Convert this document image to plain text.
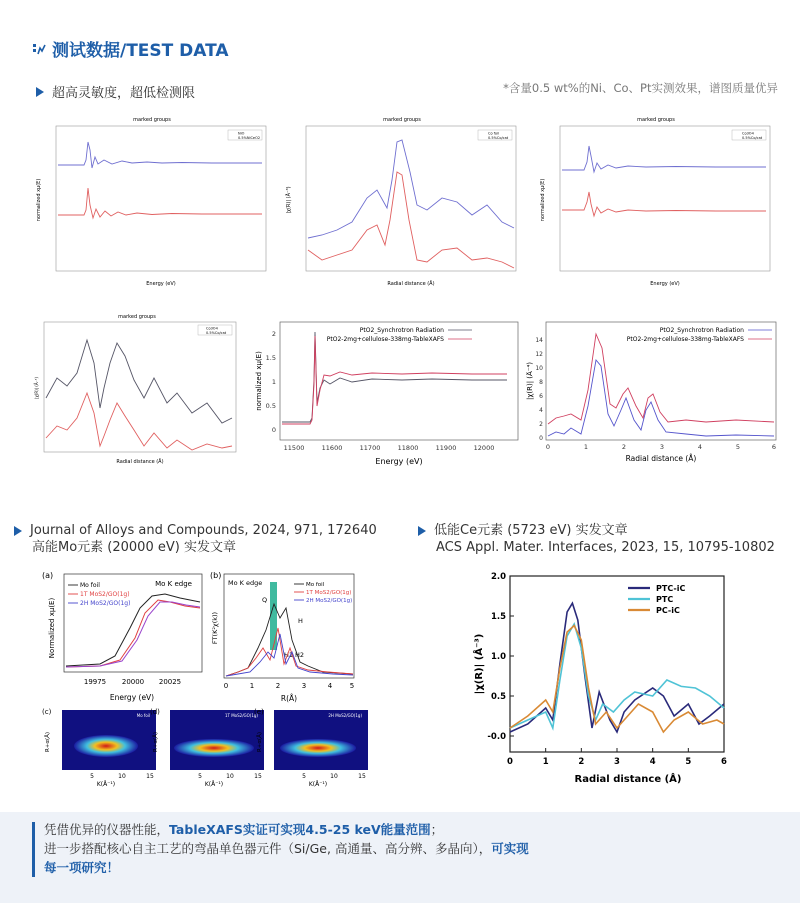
测试数据/TEST DATA
超高灵敏度，超低检测限	*含量0.5 wt%的Ni、Co、Pt实测效果，谱图质量优异
marked groups
NiO
0.5%NiCeO2
Energy (eV)
normalized xμ(E)
marked groups
Co foil
0.5%Co/cat
Radial distance (Å)
|χ(R)| (Å⁻³)
marked groups
Co3O4
0.5%Co/cat
Energy (eV)
normalized xμ(E)
marked groups
Co3O4
0.5%Co/cat
Radial distance (Å)
|χ(R)| (Å⁻³)
PtO2_Synchrotron Radiation
PtO2-2mg+cellulose-338mg-TableXAFS
11500	11600	11700	11800	11900	12000
0
0.5
1
1.5
2
Energy (eV)
normalized xμ(E)
PtO2_Synchrotron Radiation
PtO2-2mg+cellulose-338mg-TableXAFS
0	1	2	3	4	5	6
0
2
4
6
8
10
12
14
Radial distance (Å)
|χ(R)| (Å⁻⁴)
Journal of Alloys and Compounds, 2024, 971, 172640
高能Mo元素 (20000 eV) 实发文章
低能Ce元素 (5723 eV) 实发文章
ACS Appl. Mater. Interfaces, 2023, 15, 10795-10802
(a)
Mo K edge
Mo foil
1T MoS2/GO(1g)
2H MoS2/GO(1g)
19975 20000 20025
Energy (eV)
Normalized xμ(E)
(b)
Mo K edge	Mo foil
1T MoS2/GO(1g)
2H MoS2/GO(1g)
Q
H
H1 H2
0	1	2	3	4	5
R(Å)
FT(K²χ(k))
(c)	Mo foil
5	10	15
K(Å⁻¹)
R+α(Å)
(d)	1T MoS2/GO(1g)
5	10	15
K(Å⁻¹)
R+α(Å)
(e)	2H MoS2/GO(1g)
5	10	15
K(Å⁻¹)
R+α(Å)
Radial distance (Å)
|χ(R)| (Å⁻³)
0	1	2	3	4	5	6
-0.0
0.5
1.0
1.5
2.0
PTC-iC
PTC
PC-iC
凭借优异的仪器性能，TableXAFS实证可实现4.5-25 keV能量范围；
进一步搭配核心自主工艺的弯晶单色器元件（Si/Ge, 高通量、高分辨、多晶向），可实现
每一项研究！
